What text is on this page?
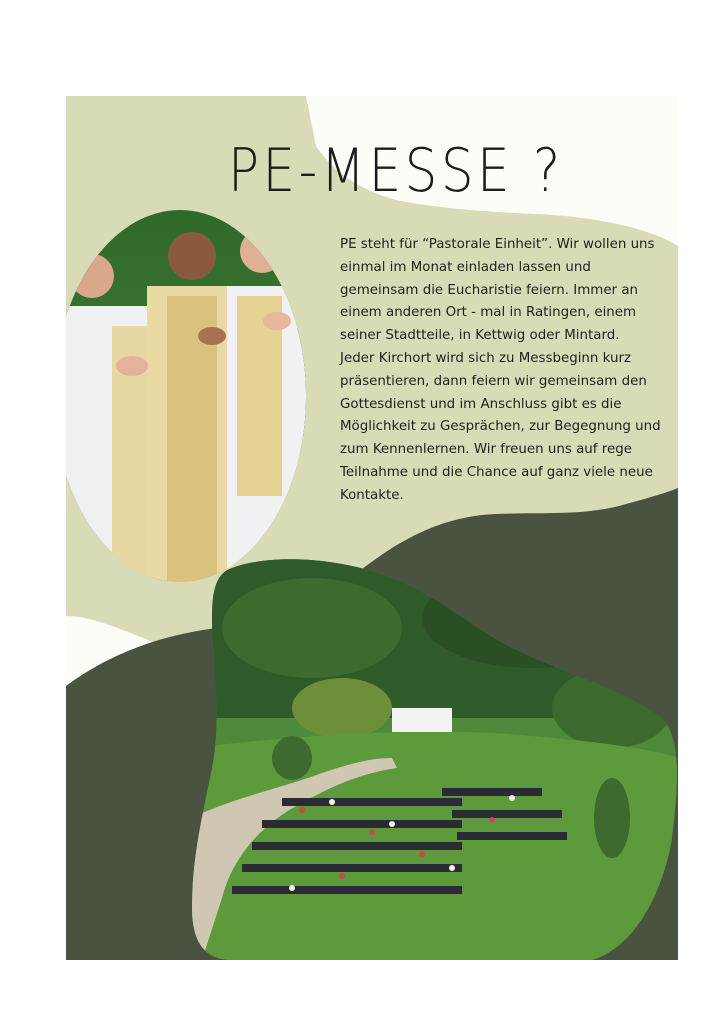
PE-MESSE ?

PE steht für “Pastorale Einheit”. Wir wollen uns
einmal im Monat einladen lassen und
gemeinsam die Eucharistie feiern. Immer an
einem anderen Ort - mal in Ratingen, einem
seiner Stadtteile, in Kettwig oder Mintard.
Jeder Kirchort wird sich zu Messbeginn kurz
präsentieren, dann feiern wir gemeinsam den
Gottesdienst und im Anschluss gibt es die
Möglichkeit zu Gesprächen, zur Begegnung und
zum Kennenlernen. Wir freuen uns auf rege
Teilnahme und die Chance auf ganz viele neue
Kontakte.
